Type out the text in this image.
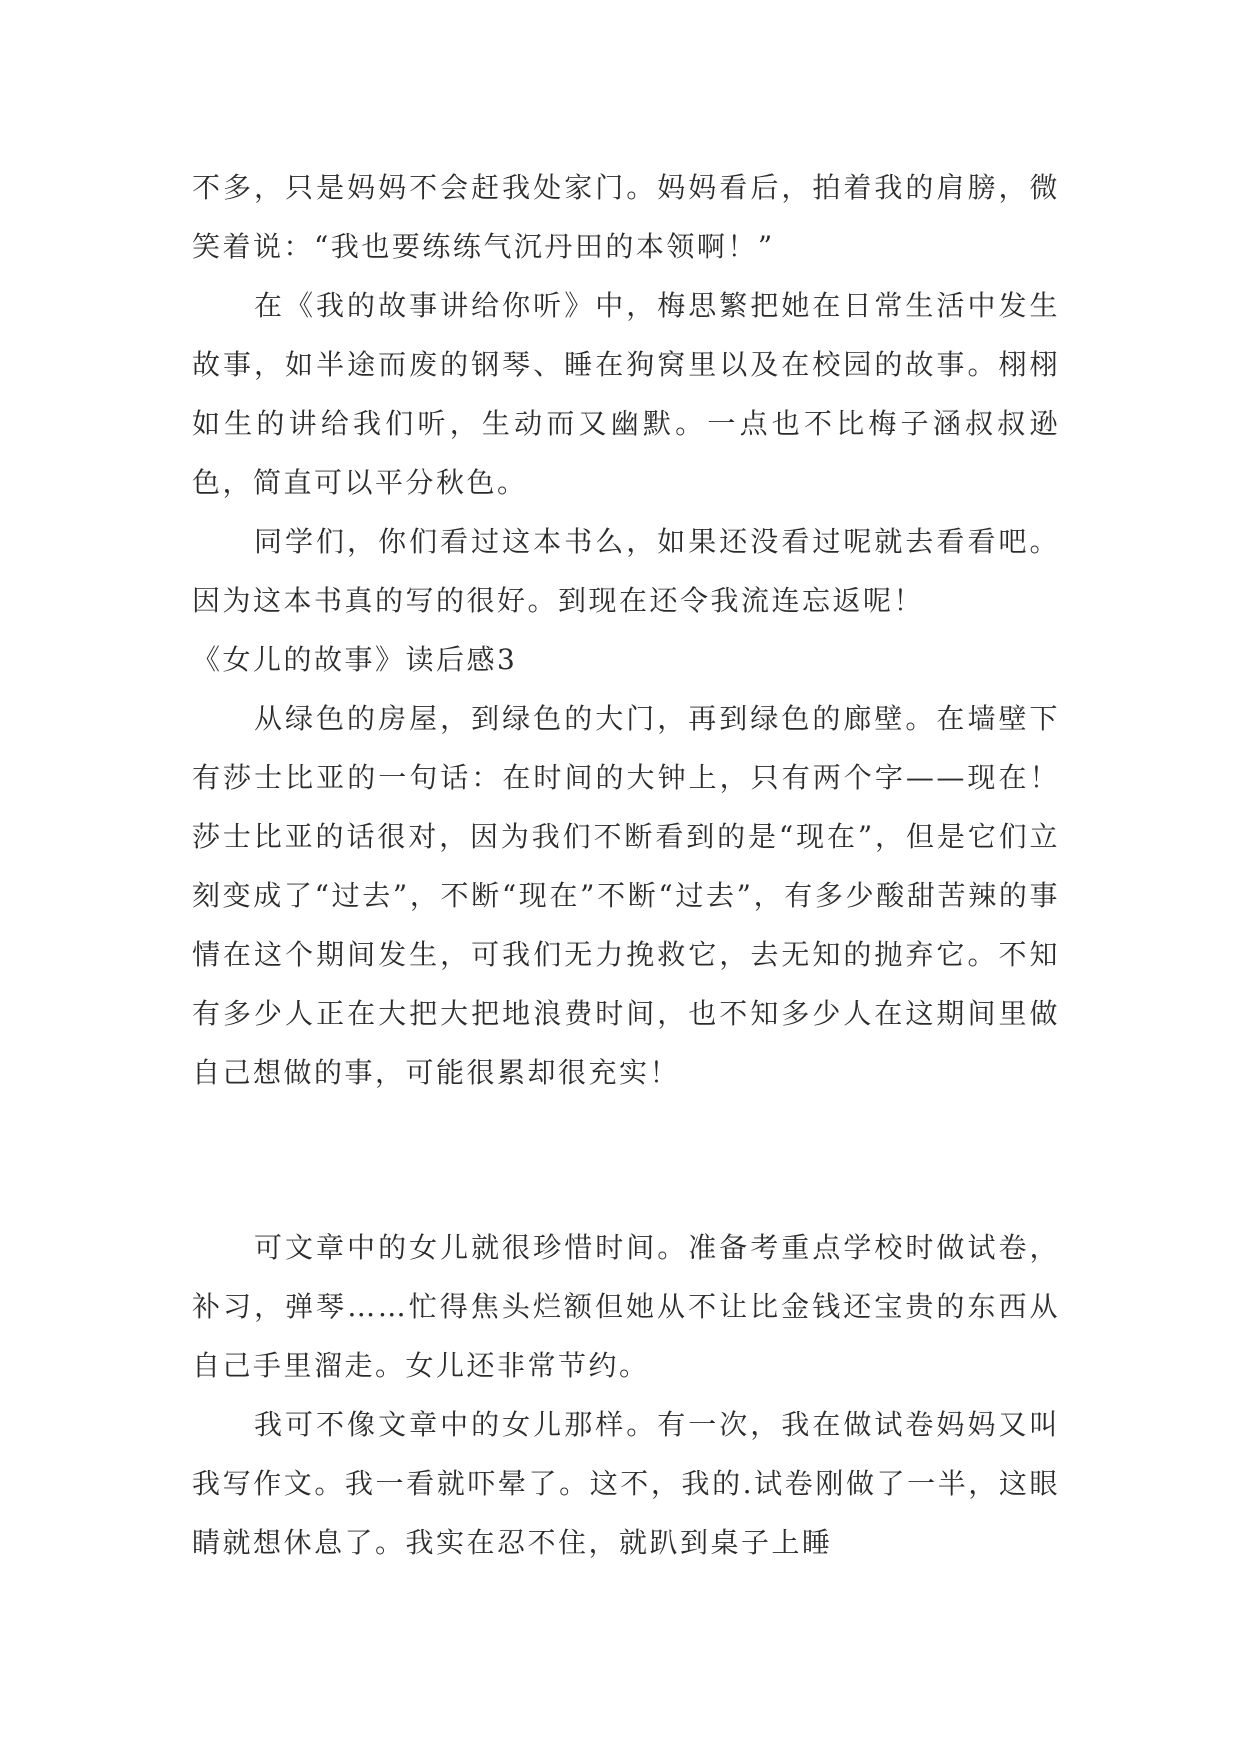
不多，只是妈妈不会赶我处家门。妈妈看后，拍着我的肩膀，微笑着说：“我也要练练气沉丹田的本领啊！”

在《我的故事讲给你听》中，梅思繁把她在日常生活中发生故事，如半途而废的钢琴、睡在狗窝里以及在校园的故事。栩栩如生的讲给我们听，生动而又幽默。一点也不比梅子涵叔叔逊色，简直可以平分秋色。

同学们，你们看过这本书么，如果还没看过呢就去看看吧。因为这本书真的写的很好。到现在还令我流连忘返呢！

《女儿的故事》读后感3

从绿色的房屋，到绿色的大门，再到绿色的廊壁。在墙壁下有莎士比亚的一句话：在时间的大钟上，只有两个字——现在！莎士比亚的话很对，因为我们不断看到的是“现在”，但是它们立刻变成了“过去”，不断“现在”不断“过去”，有多少酸甜苦辣的事情在这个期间发生，可我们无力挽救它，去无知的抛弃它。不知有多少人正在大把大把地浪费时间，也不知多少人在这期间里做自己想做的事，可能很累却很充实！

可文章中的女儿就很珍惜时间。准备考重点学校时做试卷，补习，弹琴……忙得焦头烂额但她从不让比金钱还宝贵的东西从自己手里溜走。女儿还非常节约。

我可不像文章中的女儿那样。有一次，我在做试卷妈妈又叫我写作文。我一看就吓晕了。这不，我的.试卷刚做了一半，这眼睛就想休息了。我实在忍不住，就趴到桌子上睡
